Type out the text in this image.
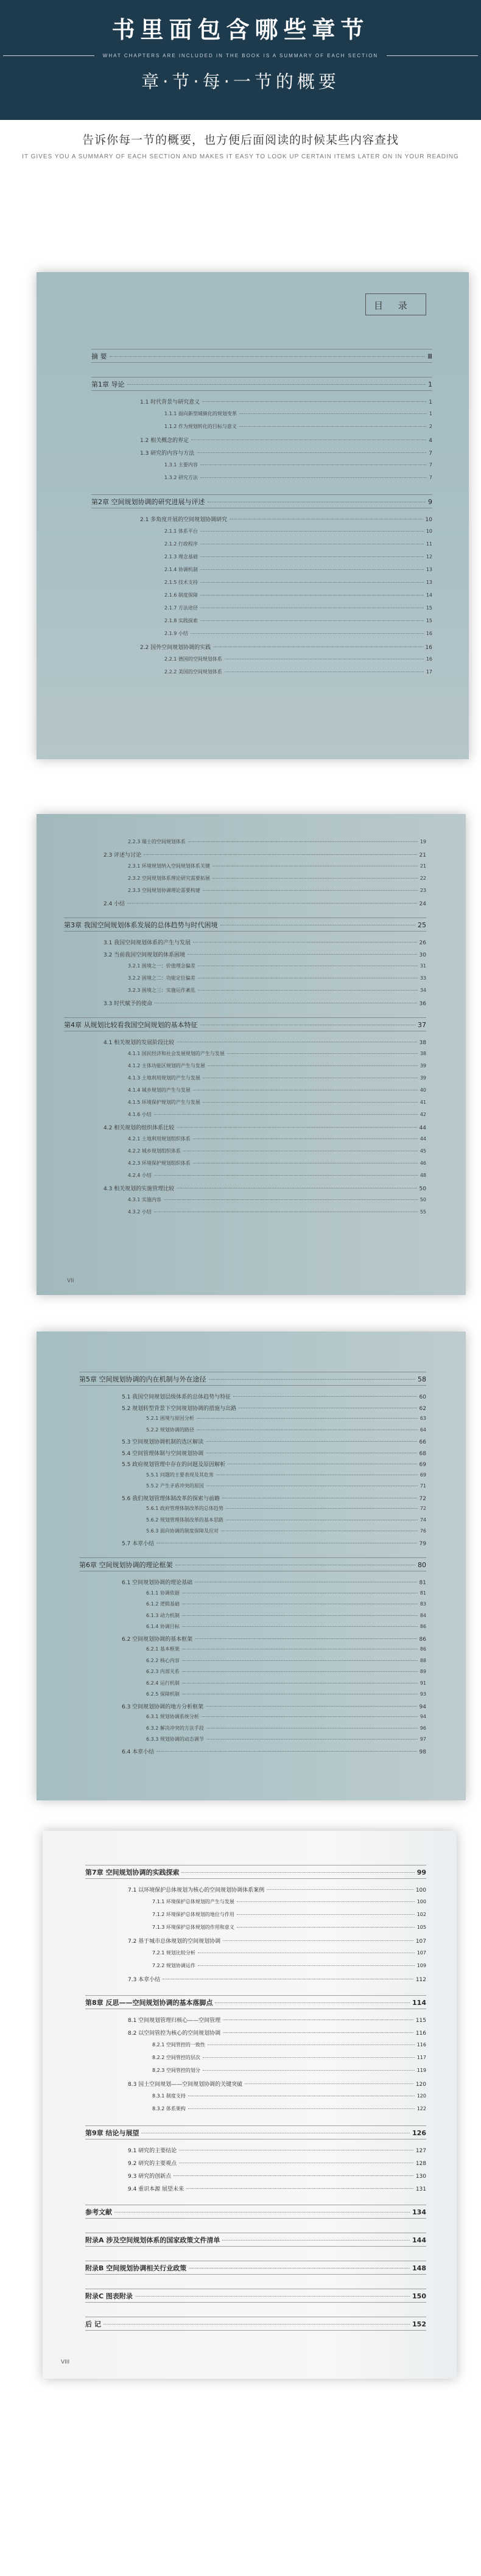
书里面包含哪些章节
WHAT CHAPTERS ARE INCLUDED IN THE BOOK IS A SUMMARY OF EACH SECTION
章·节·每·一节的概要
告诉你每一节的概要，也方便后面阅读的时候某些内容查找
IT GIVES YOU A SUMMARY OF EACH SECTION AND MAKES IT EASY TO LOOK UP CERTAIN ITEMS LATER ON IN YOUR READING
目 录
摘 要	Ⅲ
第1章 导论	1
1.1 时代背景与研究意义	1
1.1.1 面向新型城镇化的规划变革	1
1.1.2 作为规划转化的目标与意义	2
1.2 相关概念的界定	4
1.3 研究的内容与方法	7
1.3.1 主要内容	7
1.3.2 研究方法	7
第2章 空间规划协调的研究进展与评述	9
2.1 多角度开展的空间规划协调研究	10
2.1.1 体系平台	10
2.1.2 行政程序	11
2.1.3 理念基础	12
2.1.4 协调机制	13
2.1.5 技术支持	13
2.1.6 制度保障	14
2.1.7 方法途径	15
2.1.8 实践探索	15
2.1.9 小结	16
2.2 国外空间规划协调的实践	16
2.2.1 德国的空间规划体系	16
2.2.2 美国的空间规划体系	17
VII
2.2.3 瑞士的空间规划体系	19
2.3 评述与讨论	21
2.3.1 环境规划纳入空间规划体系关键	21
2.3.2 空间规划体系理论研究需要拓展	22
2.3.3 空间规划协调理论需要构建	23
2.4 小结	24
第3章 我国空间规划体系发展的总体趋势与时代困境	25
3.1 我国空间规划体系的产生与发展	26
3.2 当前我国空间规划的体系困境	30
3.2.1 困境之一：价值理念偏差	31
3.2.2 困境之二：功能定位偏差	33
3.2.3 困境之三：实施运作紊乱	34
3.3 时代赋予的使命	36
第4章 从规划比较看我国空间规划的基本特征	37
4.1 相关规划的发展阶段比较	38
4.1.1 国民经济和社会发展规划的产生与发展	38
4.1.2 主体功能区规划的产生与发展	39
4.1.3 土地利用规划的产生与发展	39
4.1.4 城乡规划的产生与发展	40
4.1.5 环境保护规划的产生与发展	41
4.1.6 小结	42
4.2 相关规划的组织体系比较	44
4.2.1 土地利用规划组织体系	44
4.2.2 城乡规划组织体系	45
4.2.3 环境保护规划组织体系	46
4.2.4 小结	48
4.3 相关规划的实施管理比较	50
4.3.1 实施内容	50
4.3.2 小结	55
第5章 空间规划协调的内在机制与外在途径	58
5.1 我国空间规划层级体系的总体趋势与特征	60
5.2 规划转型背景下空间规划协调的措施与出路	62
5.2.1 困境与原因分析	63
5.2.2 规划协调的路径	64
5.3 空间规划协调机制的选区解读	66
5.4 空间管理体制与空间规划协调	68
5.5 政府规划管理中存在的问题及原因解析	69
5.5.1 问题的主要表现及其危害	69
5.5.2 产生矛盾冲突的原因	71
5.6 我们规划管理体制改革的探索与前瞻	72
5.6.1 政府管理体制改革的总体趋势	72
5.6.2 规划管理体制改革的基本思路	74
5.6.3 面向协调的制度保障及应对	76
5.7 本章小结	79
第6章 空间规划协调的理论框架	80
6.1 空间规划协调的理论基础	81
6.1.1 协调依据	81
6.1.2 逻辑基础	83
6.1.3 动力机制	84
6.1.4 协调目标	86
6.2 空间规划协调的基本框架	86
6.2.1 基本框架	86
6.2.2 核心内容	88
6.2.3 内部关系	89
6.2.4 运行机制	91
6.2.5 保障机制	93
6.3 空间规划协调的地方分析框架	94
6.3.1 规划协调系统分析	94
6.3.2 解决冲突的方法手段	96
6.3.3 规划协调的动态调节	97
6.4 本章小结	98
VIII
第7章 空间规划协调的实践探索	99
7.1 以环境保护总体规划为核心的空间规划协调体系案例	100
7.1.1 环境保护总体规划的产生与发展	100
7.1.2 环境保护总体规划的地位与作用	102
7.1.3 环境保护总体规划的作用和意义	105
7.2 基于城市总体规划的空间规划协调	107
7.2.1 规划比较分析	107
7.2.2 规划协调运作	109
7.3 本章小结	112
第8章 反思——空间规划协调的基本落脚点	114
8.1 空间规划管理归核心——空间管理	115
8.2 以空间管控为核心的空间规划协调	116
8.2.1 空间管控的一致性	116
8.2.2 空间管控的层次	117
8.2.3 空间管控的划分	119
8.3 国土空间规划——空间规划协调的关键突破	120
8.3.1 制度支持	120
8.3.2 体系架构	122
第9章 结论与展望	126
9.1 研究的主要结论	127
9.2 研究的主要观点	128
9.3 研究的创新点	130
9.4 重识本源 展望未来	131
参考文献	134
附录A 涉及空间规划体系的国家政策文件清单	144
附录B 空间规划协调相关行业政策	148
附录C 图表附录	150
后 记	152
